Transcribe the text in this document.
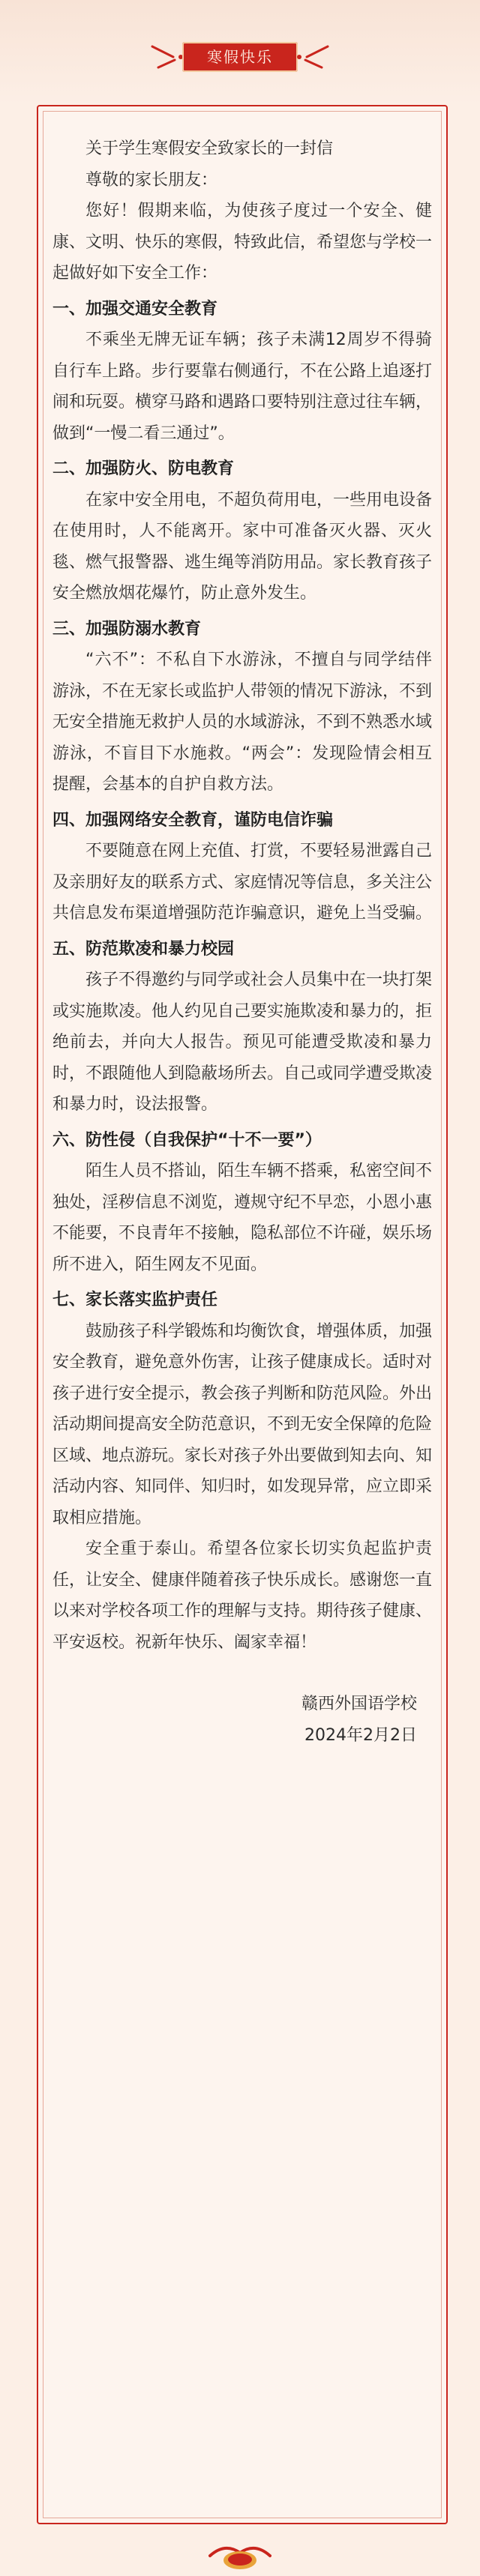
寒假快乐

关于学生寒假安全致家长的一封信

尊敬的家长朋友：

您好！假期来临，为使孩子度过一个安全、健康、文明、快乐的寒假，特致此信，希望您与学校一起做好如下安全工作：

一、加强交通安全教育

不乘坐无牌无证车辆；孩子未满12周岁不得骑自行车上路。步行要靠右侧通行，不在公路上追逐打闹和玩耍。横穿马路和遇路口要特别注意过往车辆，做到“一慢二看三通过”。

二、加强防火、防电教育

在家中安全用电，不超负荷用电，一些用电设备在使用时，人不能离开。家中可准备灭火器、灭火毯、燃气报警器、逃生绳等消防用品。家长教育孩子安全燃放烟花爆竹，防止意外发生。

三、加强防溺水教育

“六不”：不私自下水游泳，不擅自与同学结伴游泳，不在无家长或监护人带领的情况下游泳，不到无安全措施无救护人员的水域游泳，不到不熟悉水域游泳，不盲目下水施救。“两会”：发现险情会相互提醒，会基本的自护自救方法。

四、加强网络安全教育，谨防电信诈骗

不要随意在网上充值、打赏，不要轻易泄露自己及亲朋好友的联系方式、家庭情况等信息，多关注公共信息发布渠道增强防范诈骗意识，避免上当受骗。

五、防范欺凌和暴力校园

孩子不得邀约与同学或社会人员集中在一块打架或实施欺凌。他人约见自己要实施欺凌和暴力的，拒绝前去，并向大人报告。预见可能遭受欺凌和暴力时，不跟随他人到隐蔽场所去。自己或同学遭受欺凌和暴力时，设法报警。

六、防性侵（自我保护“十不一要”）

陌生人员不搭讪，陌生车辆不搭乘，私密空间不独处，淫秽信息不浏览，遵规守纪不早恋，小恩小惠不能要，不良青年不接触，隐私部位不许碰，娱乐场所不进入，陌生网友不见面。

七、家长落实监护责任

鼓励孩子科学锻炼和均衡饮食，增强体质，加强安全教育，避免意外伤害，让孩子健康成长。适时对孩子进行安全提示，教会孩子判断和防范风险。外出活动期间提高安全防范意识，不到无安全保障的危险区域、地点游玩。家长对孩子外出要做到知去向、知活动内容、知同伴、知归时，如发现异常，应立即采取相应措施。

安全重于泰山。希望各位家长切实负起监护责任，让安全、健康伴随着孩子快乐成长。感谢您一直以来对学校各项工作的理解与支持。期待孩子健康、平安返校。祝新年快乐、阖家幸福！

赣西外国语学校

2024年2月2日
